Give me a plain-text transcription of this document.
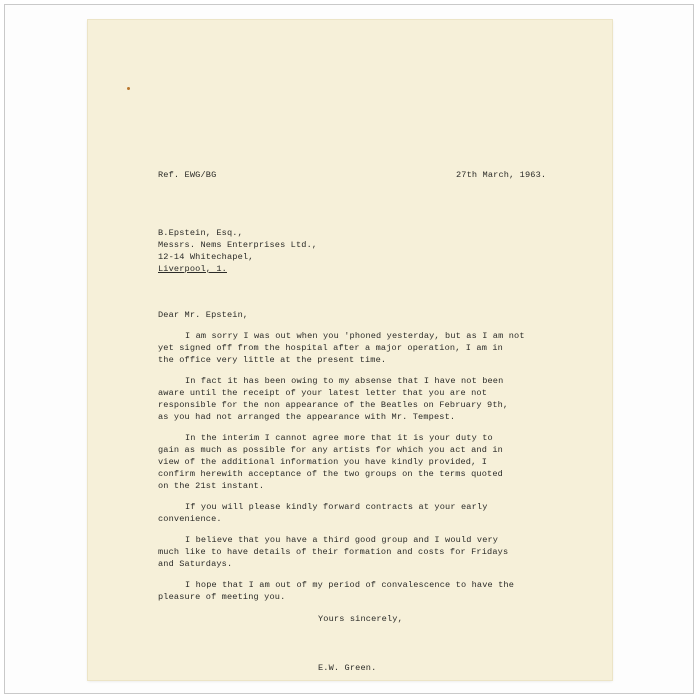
Ref. EWG/BG	27th March, 1963.
B.Epstein, Esq.,
Messrs. Nems Enterprises Ltd.,
12-14 Whitechapel,
Liverpool, 1.
Dear Mr. Epstein,
I am sorry I was out when you 'phoned yesterday, but as I am not
yet signed off from the hospital after a major operation, I am in
the office very little at the present time.
In fact it has been owing to my absense that I have not been
aware until the receipt of your latest letter that you are not
responsible for the non appearance of the Beatles on February 9th,
as you had not arranged the appearance with Mr. Tempest.
In the interim I cannot agree more that it is your duty to
gain as much as possible for any artists for which you act and in
view of the additional information you have kindly provided, I
confirm herewith acceptance of the two groups on the terms quoted
on the 21st instant.
If you will please kindly forward contracts at your early
convenience.
I believe that you have a third good group and I would very
much like to have details of their formation and costs for Fridays
and Saturdays.
I hope that I am out of my period of convalescence to have the
pleasure of meeting you.
Yours sincerely,
E.W. Green.
